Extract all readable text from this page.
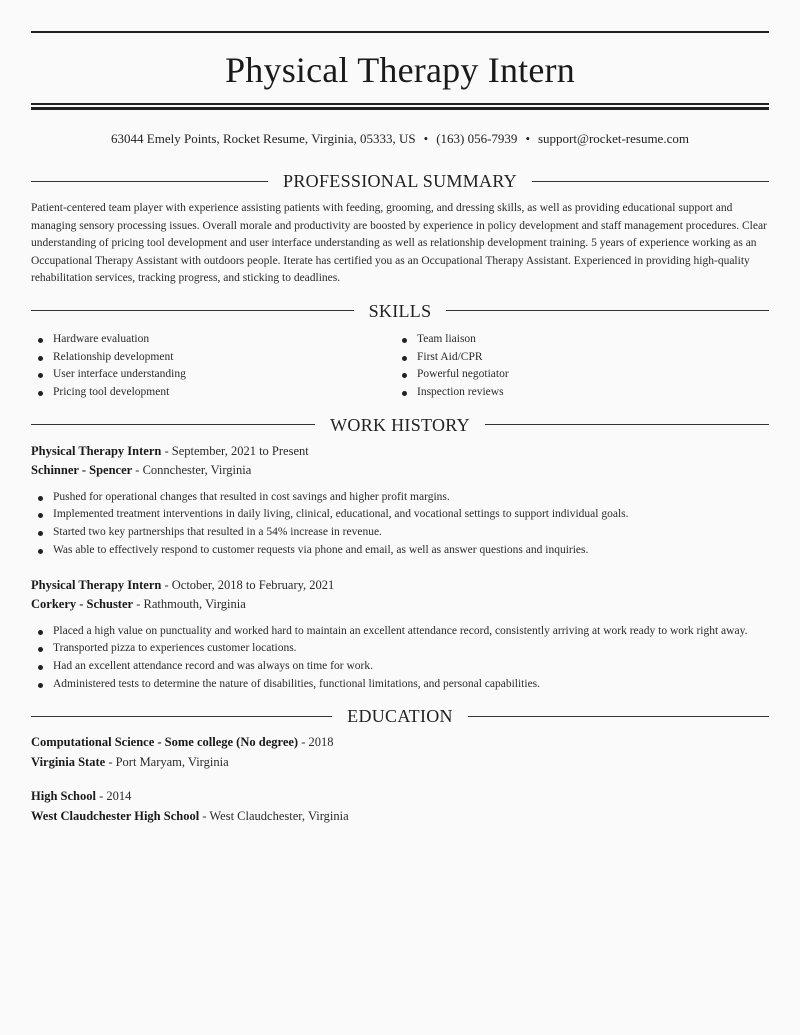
Physical Therapy Intern
63044 Emely Points, Rocket Resume, Virginia, 05333, US • (163) 056-7939 • support@rocket-resume.com
PROFESSIONAL SUMMARY

Patient-centered team player with experience assisting patients with feeding, grooming, and dressing skills, as well as providing educational support and managing sensory processing issues. Overall morale and productivity are boosted by experience in policy development and staff management procedures. Clear understanding of pricing tool development and user interface understanding as well as relationship development training. 5 years of experience working as an Occupational Therapy Assistant with outdoors people. Iterate has certified you as an Occupational Therapy Assistant. Experienced in providing high-quality rehabilitation services, tracking progress, and sticking to deadlines.

SKILLS
Hardware evaluation
Relationship development
User interface understanding
Pricing tool development
Team liaison
First Aid/CPR
Powerful negotiator
Inspection reviews
WORK HISTORY
Physical Therapy Intern - September, 2021 to Present
Schinner - Spencer - Connchester, Virginia
Pushed for operational changes that resulted in cost savings and higher profit margins.
Implemented treatment interventions in daily living, clinical, educational, and vocational settings to support individual goals.
Started two key partnerships that resulted in a 54% increase in revenue.
Was able to effectively respond to customer requests via phone and email, as well as answer questions and inquiries.
Physical Therapy Intern - October, 2018 to February, 2021
Corkery - Schuster - Rathmouth, Virginia
Placed a high value on punctuality and worked hard to maintain an excellent attendance record, consistently arriving at work ready to work right away.
Transported pizza to experiences customer locations.
Had an excellent attendance record and was always on time for work.
Administered tests to determine the nature of disabilities, functional limitations, and personal capabilities.
EDUCATION
Computational Science - Some college (No degree) - 2018
Virginia State - Port Maryam, Virginia
High School - 2014
West Claudchester High School - West Claudchester, Virginia
